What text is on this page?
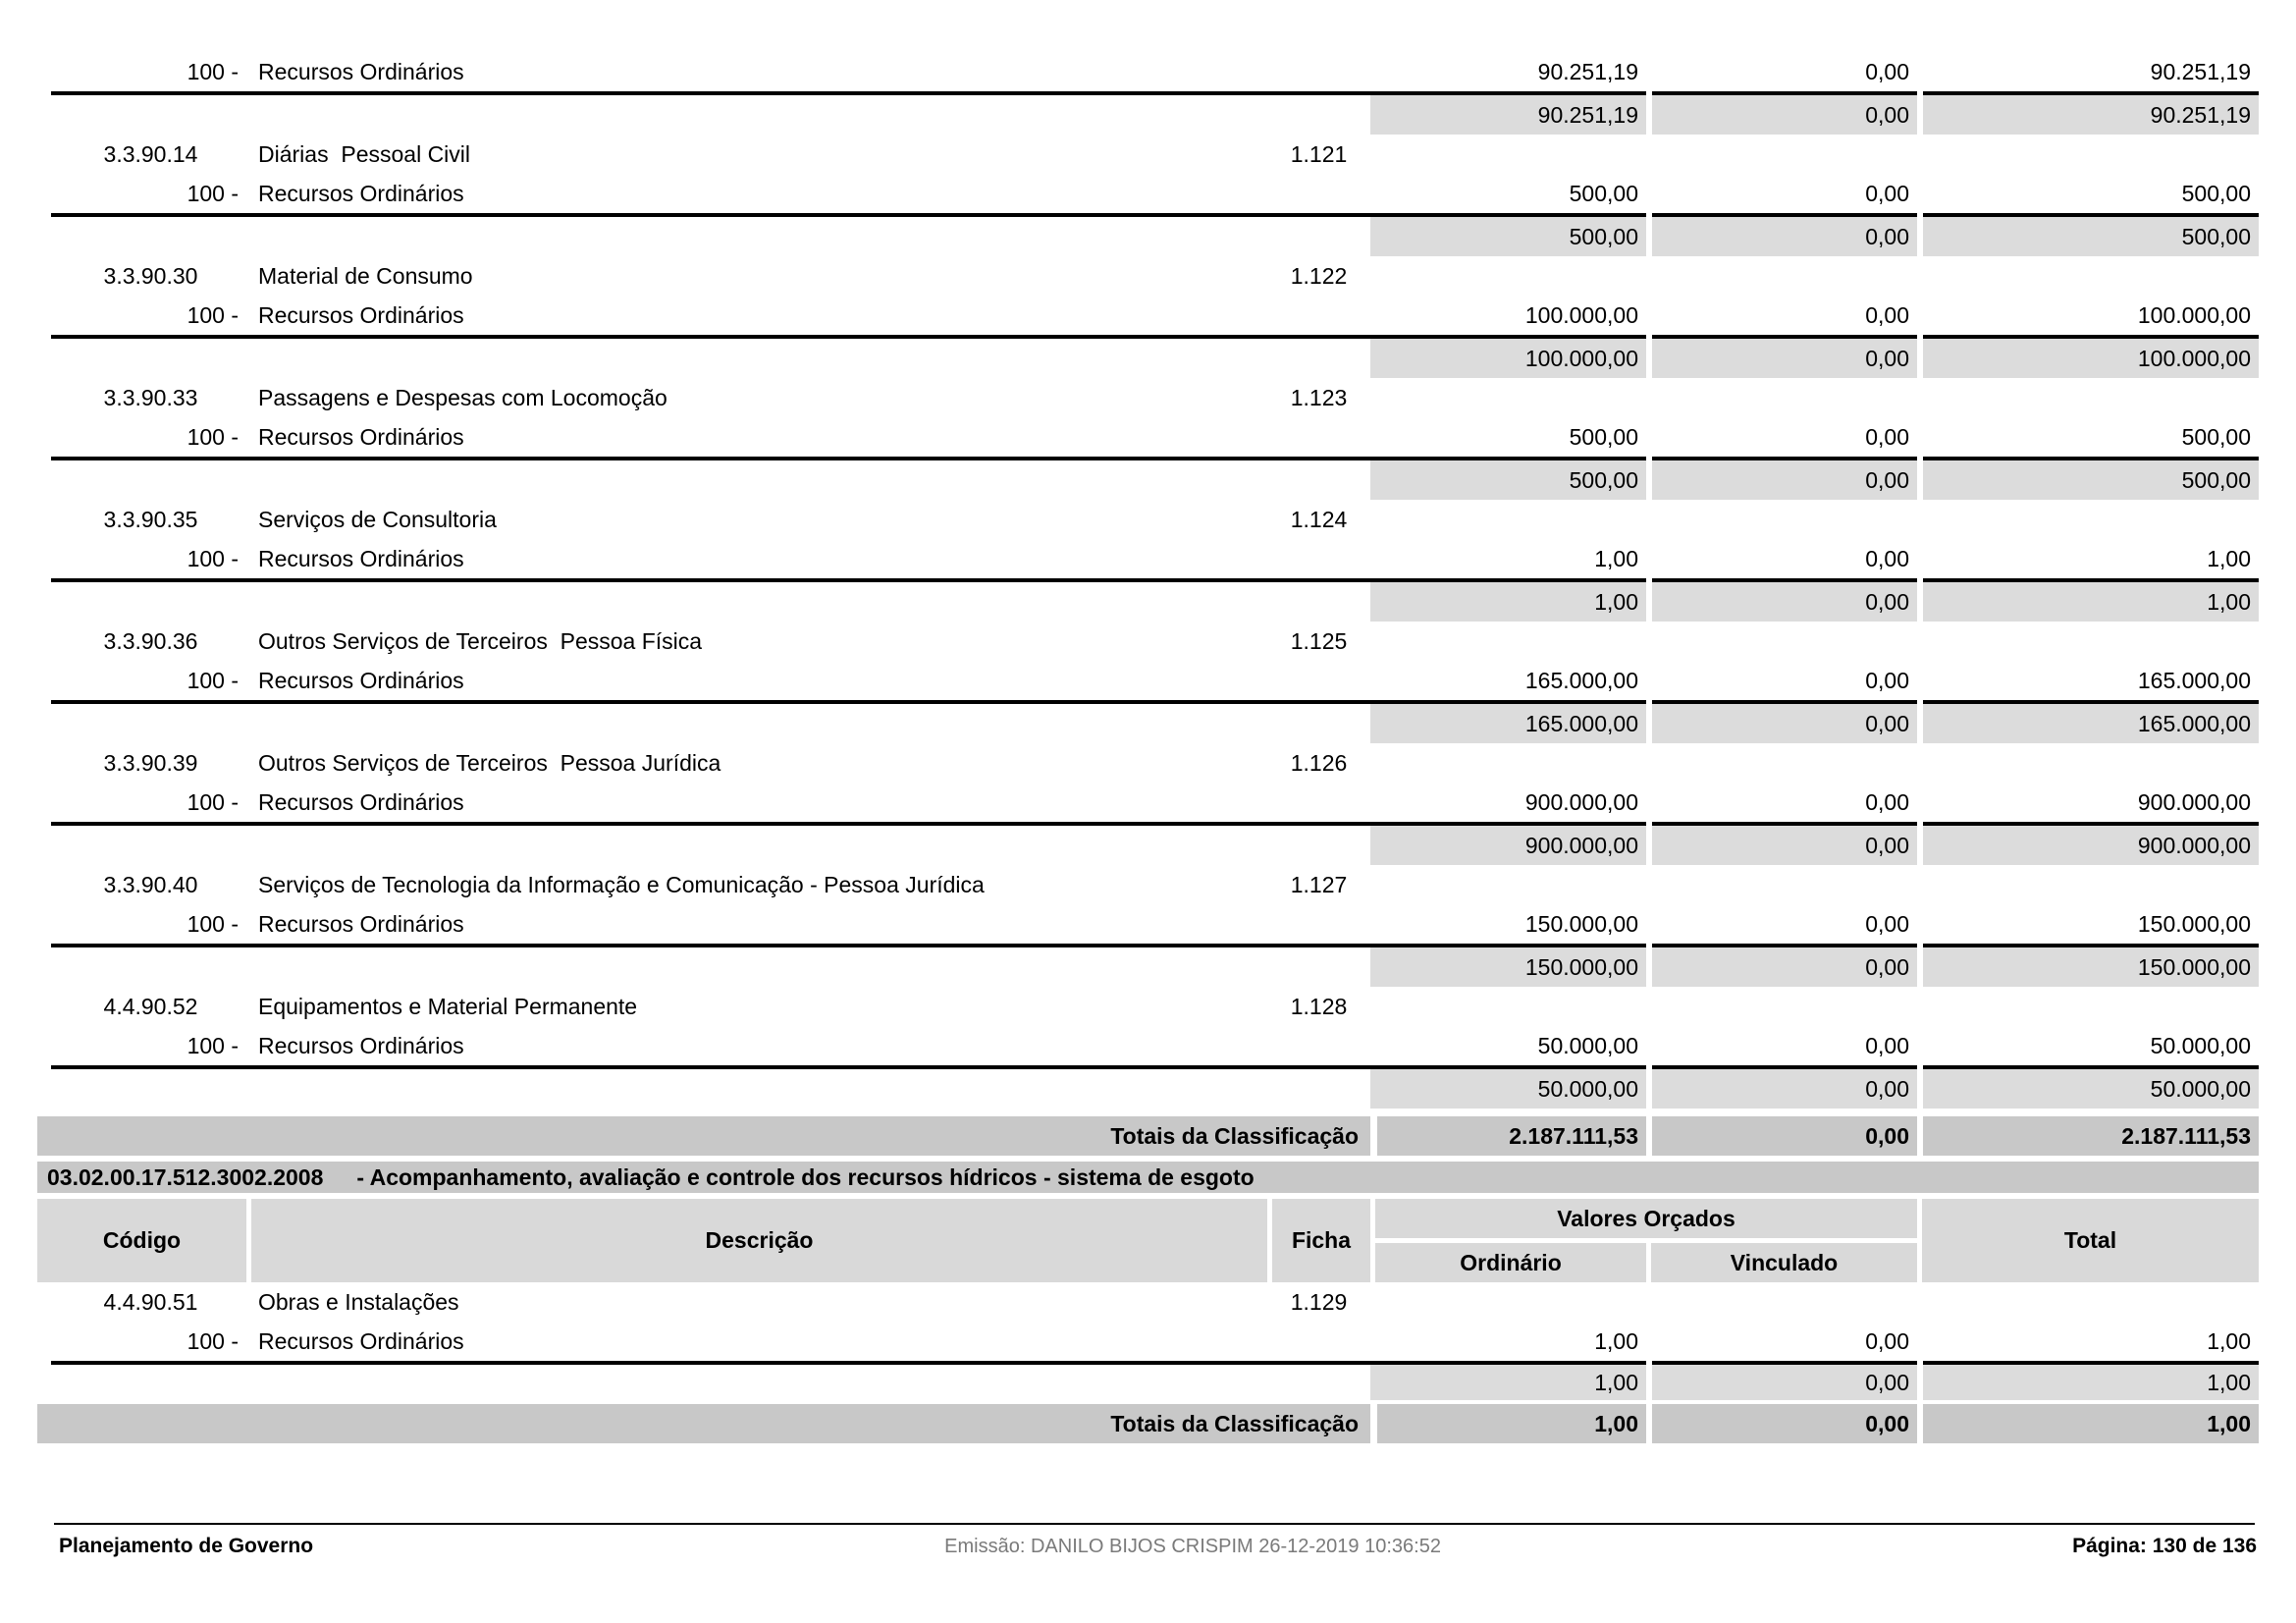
100 - Recursos Ordinários	90.251,19	0,00	90.251,19
90.251,19	0,00	90.251,19
3.3.90.14	Diárias  Pessoal Civil	1.121
100 - Recursos Ordinários	500,00	0,00	500,00
500,00	0,00	500,00
3.3.90.30	Material de Consumo	1.122
100 - Recursos Ordinários	100.000,00	0,00	100.000,00
100.000,00	0,00	100.000,00
3.3.90.33	Passagens e Despesas com Locomoção	1.123
100 - Recursos Ordinários	500,00	0,00	500,00
500,00	0,00	500,00
3.3.90.35	Serviços de Consultoria	1.124
100 - Recursos Ordinários	1,00	0,00	1,00
1,00	0,00	1,00
3.3.90.36	Outros Serviços de Terceiros  Pessoa Física	1.125
100 - Recursos Ordinários	165.000,00	0,00	165.000,00
165.000,00	0,00	165.000,00
3.3.90.39	Outros Serviços de Terceiros  Pessoa Jurídica	1.126
100 - Recursos Ordinários	900.000,00	0,00	900.000,00
900.000,00	0,00	900.000,00
3.3.90.40	Serviços de Tecnologia da Informação e Comunicação - Pessoa Jurídica	1.127
100 - Recursos Ordinários	150.000,00	0,00	150.000,00
150.000,00	0,00	150.000,00
4.4.90.52	Equipamentos e Material Permanente	1.128
100 - Recursos Ordinários	50.000,00	0,00	50.000,00
50.000,00	0,00	50.000,00
Totais da Classificação	2.187.111,53	0,00	2.187.111,53
03.02.00.17.512.3002.2008 - Acompanhamento, avaliação e controle dos recursos hídricos - sistema de esgoto
Código	Descrição	Ficha
Valores Orçados
Ordinário	Vinculado
Total
4.4.90.51	Obras e Instalações	1.129
100 - Recursos Ordinários	1,00	0,00	1,00
1,00	0,00	1,00
Totais da Classificação	1,00	0,00	1,00
Planejamento de Governo	Emissão: DANILO BIJOS CRISPIM 26-12-2019 10:36:52	Página: 130 de 136
